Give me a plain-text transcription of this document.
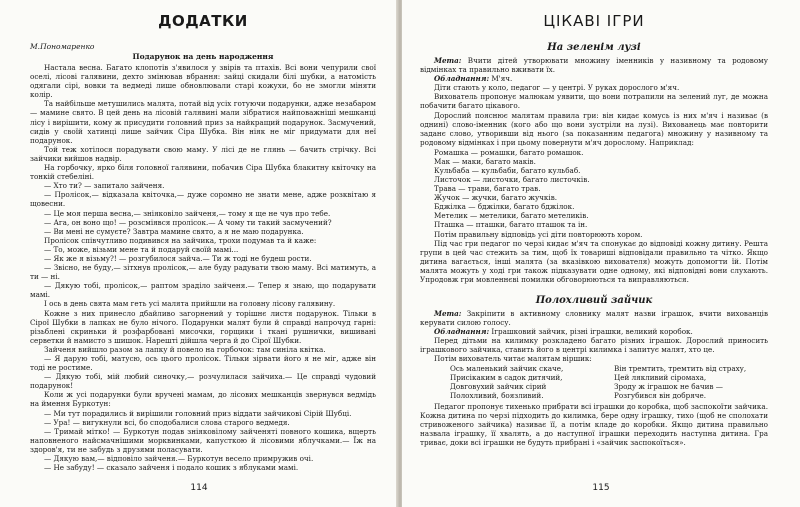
ДОДАТКИ
М.Пономаренко
Подарунок на день народження

Настала весна. Багато клопотів з'явилося у звірів та птахів. Всі вони чепурили свої оселі, лісові галявини, дехто змінював вбрання: зайці скидали білі шубки, а натомість одягали сірі, вовки та ведмеді лише обновлювали старі кожухи, бо не змогли міняти колір.

Та найбільше метушились малята, потай від усіх готуючи подарунки, адже незабаром — мамине свято. В цей день на лісовій галявині мали зібратися найповажніші мешканці лісу і вирішити, кому ж присудити головний приз за найкращий подарунок. Засмучений, сидів у своїй хатинці лише зайчик Сіра Шубка. Він ніяк не міг придумати для неї подарунок.

Той теж хотілося порадувати свою маму. У лісі де не глянь — бачить стрічку. Всі зайчики вийшов надвір.

На горбочку, ярко біля головної галявини, побачив Сіра Шубка блакитну квіточку на тонкій стебеліні.

— Хто ти? — запитало зайченя.

— Пролісок,— відказала квіточка,— дуже соромно не знати мене, адже розквітаю я щовесни.

— Це моя перша весна,— зніяковіло зайченя,— тому я ще не чув про тебе.

— Ага, он воно що! — розсміявся пролісок.— А чому ти такий засмучений?

— Ви мені не сумуєте? Завтра мамине свято, а я не маю подарунка.

Пролісок співчутливо подивився на зайчика, трохи подумав та й каже:

— То, може, візьми мене та й подаруй своїй мамі...

— Як же я візьму?! — розгубилося зайча.— Ти ж тоді не будеш рости.

— Звісно, не буду,— зітхнув пролісок,— але буду радувати твою маму. Всі матимуть, а ти — ні.

— Дякую тобі, пролісок,— раптом зраділо зайченя.— Тепер я знаю, що подарувати мамі.

І ось в день свята мам геть усі малята прийшли на головну лісову галявину.

Кожне з них принесло дбайливо загорнений у торішнє листя подарунок. Тільки в Сірої Шубки в лапках не було нічого. Подарунки малят були й справді напрочуд гарні: різьблені скриньки й розфарбовані мисочки, горщики і ткані рушнички, вишивані серветки й намисто з шишок. Нарешті дійшла черга й до Сірої Шубки.

Зайченя вийшло разом за лапку й повело на горбочок: там синіла квітка.

— Я дарую тобі, матусю, ось цього пролісок. Тільки зірвати його я не міг, адже він тоді не ростиме.

— Дякую тобі, мій любий синочку,— розчулилася зайчиха.— Це справді чудовий подарунок!

Коли ж усі подарунки були вручені мамам, до лісових мешканців звернувся ведмідь на ймення Буркотун:

— Ми тут порадились й вирішили головний приз віддати зайчикові Сірій Шубці.

— Ура! — вигукнули всі, бо сподобалися слова старого ведмедя.

— Тримай мітко! — Буркотун подав зніяковілому зайченяті повного кошика, вщерть наповненого найсмачнішими морквинками, капусткою й лісовими яблучками.— Їж на здоров'я, ти не забудь з друзями поласувати.

— Дякую вам,— відповіло зайченя.— Буркотун весело примружив очі.

— Не забуду! — сказало зайченя і подало кошик з яблуками мамі.

114
ЦІКАВІ ІГРИ
На зеленім лузі

Мета: Вчити дітей утворювати множину іменників у називному та родовому відмінках та правильно вживати їх.

Обладнання: М'яч.

Діти стають у коло, педагог — у центрі. У руках дорослого м'яч.

Вихователь пропонує малюкам уявити, що вони потрапили на зелений луг, де можна побачити багато цікавого.

Дорослий пояснює малятам правила гри: він кидає комусь із них м'яч і називає (в однині) слово-іменник (кого або що вони зустріли на лузі). Вихованець має повторити заданє слово, утворивши від нього (за показанням педагога) множину у називному та родовому відмінках і при цьому повернути м'яч дорослому. Наприклад:

Ромашка — ромашки, багато ромашок.
Мак — маки, багато маків.
Кульбаба — кульбаби, багато кульбаб.
Листочок — листочки, багато листочків.
Трава — трави, багато трав.
Жучок — жучки, багато жучків.
Бджілка — бджілки, багато бджілок.
Метелик — метелики, багато метеликів.
Пташка — пташки, багато пташок та ін.

Потім правильну відповідь усі діти повторюють хором.

Під час гри педагог по черзі кидає м'яч та спонукає до відповіді кожну дитину. Решта групи в цей час стежить за тим, щоб їх товариші відповідали правильно та чітко. Якщо дитина вагається, інші малята (за вказівкою вихователя) можуть допомогти їй. Потім малята можуть у ході гри також підказувати одне одному, які відповідні вони слухають. Упродовж гри мовленнєві помилки обговорюються та виправляються.

Полохливий зайчик

Мета: Закріпити в активному словнику малят назви іграшок, вчити вихованців керувати силою голосу.

Обладнання: Іграшковий зайчик, різні іграшки, великий коробок.

Перед дітьми на килимку розкладено багато різних іграшок. Дорослий приносить іграшкового зайчика, ставить його в центрі килимка і запитує малят, хто це.

Потім вихователь читає малятам віршик:

Ось маленький зайчик скаче,	Він тремтить, тремтить від страху,
Присікаким в садок дитячий,	Цей лякливий сіромаха,
Довговухий зайчик сірий	Зроду ж іграшок не бачив —
Полохливий, боязливий.	Розгубився він добряче.

Педагог пропонує тихенько прибрати всі іграшки до коробка, щоб заспокоїти зайчика. Кожна дитина по черзі підходить до килимка, бере одну іграшку, тихо (щоб не сполохати стривоженого зайчика) називає її, а потім кладе до коробки. Якщо дитина правильно назвала іграшку, її хвалять, а до наступної іграшки переходить наступна дитина. Гра триває, доки всі іграшки не будуть прибрані і «зайчик заспокоїться».

115
